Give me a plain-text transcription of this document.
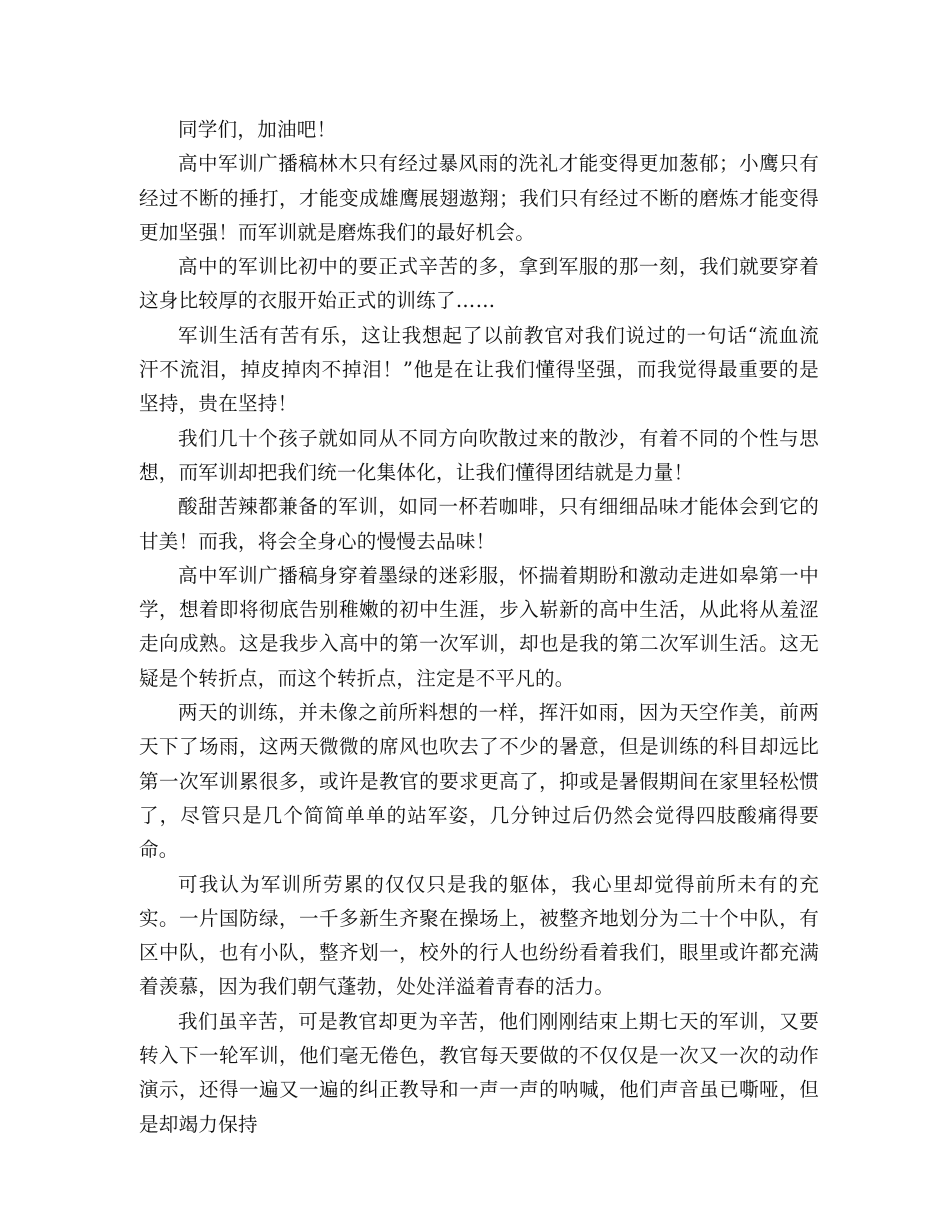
同学们，加油吧！

高中军训广播稿林木只有经过暴风雨的洗礼才能变得更加葱郁；小鹰只有经过不断的捶打，才能变成雄鹰展翅遨翔；我们只有经过不断的磨炼才能变得更加坚强！而军训就是磨炼我们的最好机会。

高中的军训比初中的要正式辛苦的多，拿到军服的那一刻，我们就要穿着这身比较厚的衣服开始正式的训练了……

军训生活有苦有乐，这让我想起了以前教官对我们说过的一句话“流血流汗不流泪，掉皮掉肉不掉泪！”他是在让我们懂得坚强，而我觉得最重要的是坚持，贵在坚持！

我们几十个孩子就如同从不同方向吹散过来的散沙，有着不同的个性与思想，而军训却把我们统一化集体化，让我们懂得团结就是力量！

酸甜苦辣都兼备的军训，如同一杯若咖啡，只有细细品味才能体会到它的甘美！而我，将会全身心的慢慢去品味！

高中军训广播稿身穿着墨绿的迷彩服，怀揣着期盼和激动走进如皋第一中学，想着即将彻底告别稚嫩的初中生涯，步入崭新的高中生活，从此将从羞涩走向成熟。这是我步入高中的第一次军训，却也是我的第二次军训生活。这无疑是个转折点，而这个转折点，注定是不平凡的。

两天的训练，并未像之前所料想的一样，挥汗如雨，因为天空作美，前两天下了场雨，这两天微微的席风也吹去了不少的暑意，但是训练的科目却远比第一次军训累很多，或许是教官的要求更高了，抑或是暑假期间在家里轻松惯了，尽管只是几个简简单单的站军姿，几分钟过后仍然会觉得四肢酸痛得要命。

可我认为军训所劳累的仅仅只是我的躯体，我心里却觉得前所未有的充实。一片国防绿，一千多新生齐聚在操场上，被整齐地划分为二十个中队，有区中队，也有小队，整齐划一，校外的行人也纷纷看着我们，眼里或许都充满着羡慕，因为我们朝气蓬勃，处处洋溢着青春的活力。

我们虽辛苦，可是教官却更为辛苦，他们刚刚结束上期七天的军训，又要转入下一轮军训，他们毫无倦色，教官每天要做的不仅仅是一次又一次的动作演示，还得一遍又一遍的纠正教导和一声一声的呐喊，他们声音虽已嘶哑，但是却竭力保持
